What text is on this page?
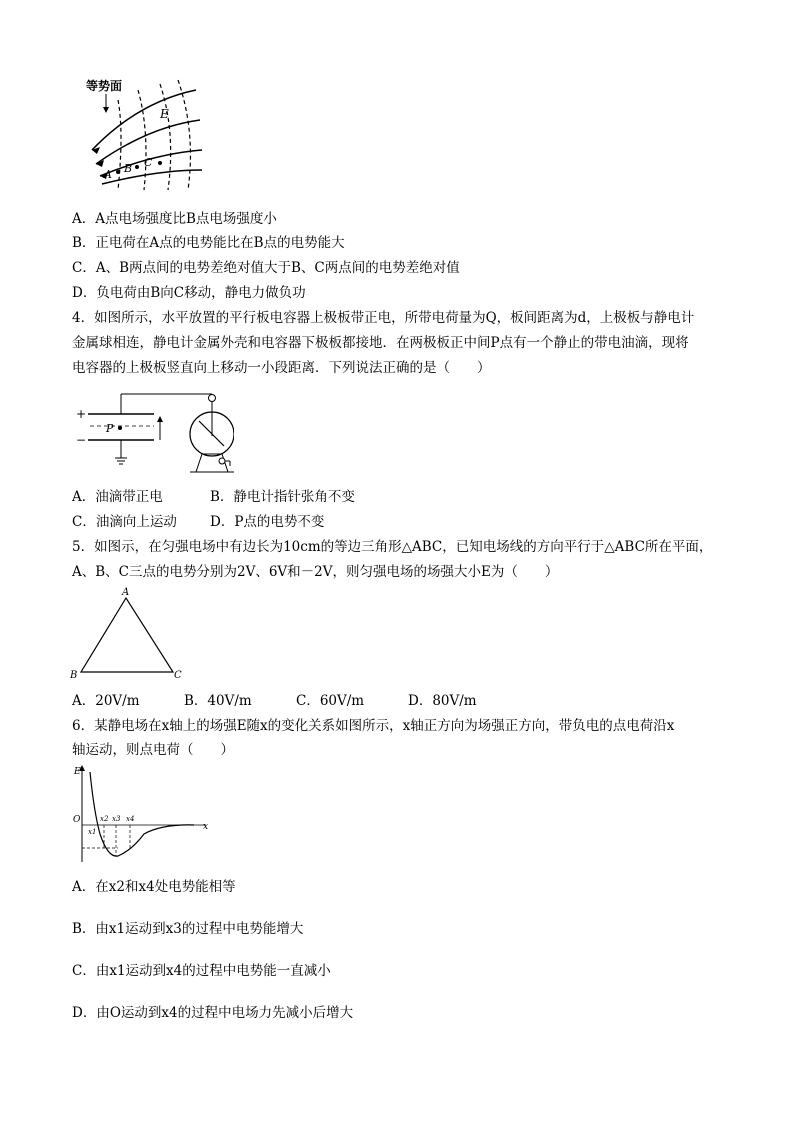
等势面
E
A B C
A．A点电场强度比B点电场强度小
B．正电荷在A点的电势能比在B点的电势能大
C．A、B两点间的电势差绝对值大于B、C两点间的电势差绝对值
D．负电荷由B向C移动，静电力做负功
4．如图所示，水平放置的平行板电容器上极板带正电，所带电荷量为Q，板间距离为d，上极板与静电计
金属球相连，静电计金属外壳和电容器下极板都接地．在两极板正中间P点有一个静止的带电油滴，现将
电容器的上极板竖直向上移动一小段距离．下列说法正确的是（　　）
+
−
P
A．油滴带正电	B．静电计指针张角不变
C．油滴向上运动 D．P点的电势不变
5．如图示，在匀强电场中有边长为10cm的等边三角形△ABC，已知电场线的方向平行于△ABC所在平面，
A、B、C三点的电势分别为2V、6V和－2V，则匀强电场的场强大小E为（　　）
A
B	C
A．20V/m	B．40V/m	C．60V/m	D．80V/m
6．某静电场在x轴上的场强E随x的变化关系如图所示，x轴正方向为场强正方向，带负电的点电荷沿x
轴运动，则点电荷（　　）
E
x
O
x1
x2 x3 x4
A．在x2和x4处电势能相等
B．由x1运动到x3的过程中电势能增大
C．由x1运动到x4的过程中电势能一直减小
D．由O运动到x4的过程中电场力先减小后增大
